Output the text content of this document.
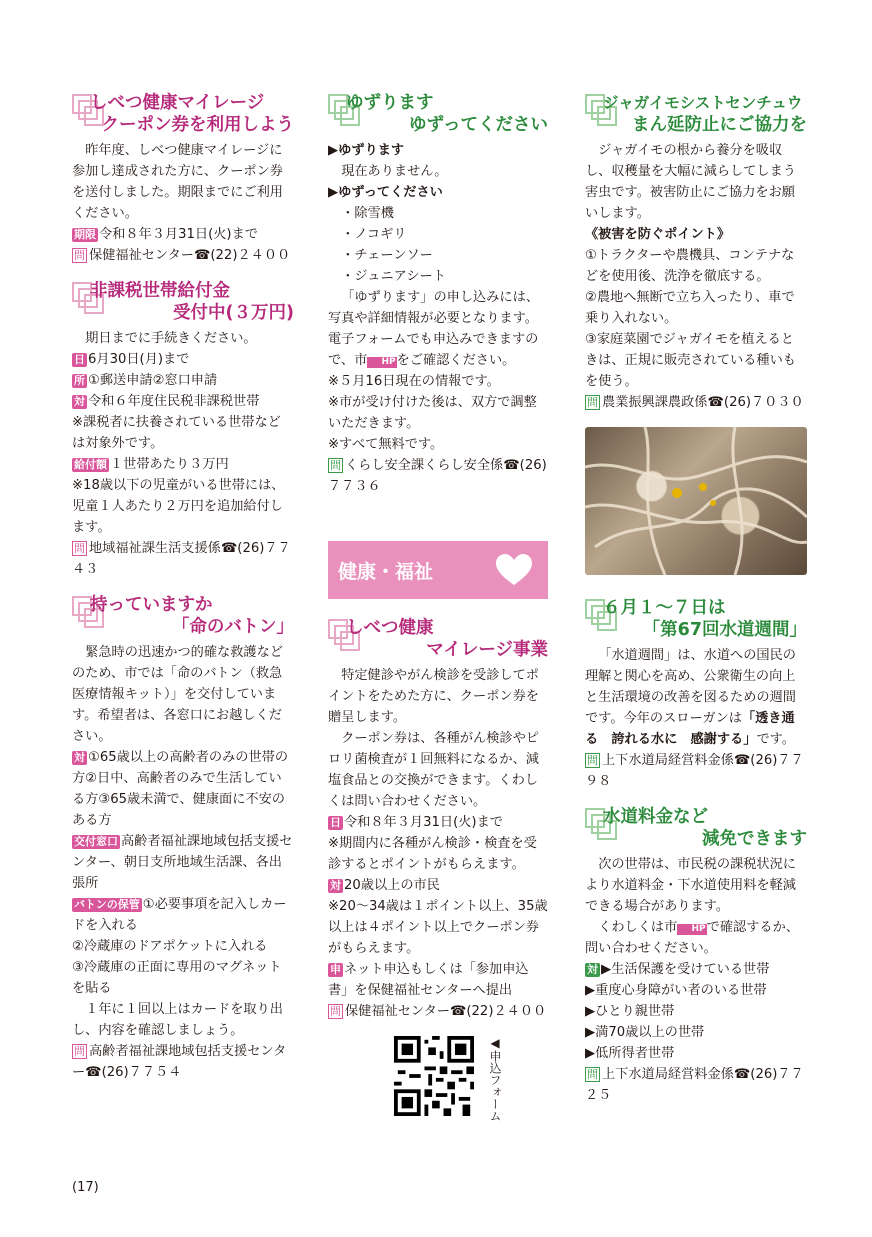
しべつ健康マイレージ
クーポン券を利用しよう

昨年度、しべつ健康マイレージに参加し達成された方に、クーポン券を送付しました。期限までにご利用ください。

期限 令和８年３月31日(火)まで

問 保健福祉センター☎(22)２４００

非課税世帯給付金
受付中(３万円)

期日までに手続きください。

日 6月30日(月)まで

所 ①郵送申請②窓口申請

対 令和６年度住民税非課税世帯

※課税者に扶養されている世帯などは対象外です。

給付額 １世帯あたり３万円

※18歳以下の児童がいる世帯には、児童１人あたり２万円を追加給付します。

問 地域福祉課生活支援係☎(26)７７４３

持っていますか
「命のバトン」

緊急時の迅速かつ的確な救護などのため、市では「命のバトン（救急医療情報キット）」を交付しています。希望者は、各窓口にお越しください。

対 ①65歳以上の高齢者のみの世帯の方②日中、高齢者のみで生活している方③65歳未満で、健康面に不安のある方

交付窓口 高齢者福祉課地域包括支援センター、朝日支所地域生活課、各出張所

バトンの保管 ①必要事項を記入しカードを入れる

②冷蔵庫のドアポケットに入れる

③冷蔵庫の正面に専用のマグネットを貼る

１年に１回以上はカードを取り出し、内容を確認しましょう。

問 高齢者福祉課地域包括支援センター☎(26)７７５４

ゆずります
ゆずってください

▶ゆずります

現在ありません。

▶ゆずってください

・除雪機

・ノコギリ

・チェーンソー

・ジュニアシート

「ゆずります」の申し込みには、写真や詳細情報が必要となります。電子フォームでも申込みできますので、市 HPをご確認ください。

※５月16日現在の情報です。

※市が受け付けた後は、双方で調整いただきます。

※すべて無料です。

問 くらし安全課くらし安全係☎(26)７７３６

健康・福祉
しべつ健康
マイレージ事業

特定健診やがん検診を受診してポイントをためた方に、クーポン券を贈呈します。

クーポン券は、各種がん検診やピロリ菌検査が１回無料になるか、減塩食品との交換ができます。くわしくは問い合わせください。

日 令和８年３月31日(火)まで

※期間内に各種がん検診・検査を受診するとポイントがもらえます。

対 20歳以上の市民

※20～34歳は１ポイント以上、35歳以上は４ポイント以上でクーポン券がもらえます。

申 ネット申込もしくは「参加申込書」を保健福祉センターへ提出

問 保健福祉センター☎(22)２４００

◀申込フォーム
ジャガイモシストセンチュウ
まん延防止にご協力を

ジャガイモの根から養分を吸収し、収穫量を大幅に減らしてしまう害虫です。被害防止にご協力をお願いします。

《被害を防ぐポイント》

①トラクターや農機具、コンテナなどを使用後、洗浄を徹底する。

②農地へ無断で立ち入ったり、車で乗り入れない。

③家庭菜園でジャガイモを植えるときは、正規に販売されている種いもを使う。

問 農業振興課農政係☎(26)７０３０

６月１～７日は
「第67回水道週間」

「水道週間」は、水道への国民の理解と関心を高め、公衆衛生の向上と生活環境の改善を図るための週間です。今年のスローガンは「透き通る　誇れる水に　感謝する」です。

問 上下水道局経営料金係☎(26)７７９８

水道料金など
減免できます

次の世帯は、市民税の課税状況により水道料金・下水道使用料を軽減できる場合があります。

くわしくは市 HPで確認するか、問い合わせください。

対 ▶生活保護を受けている世帯

▶重度心身障がい者のいる世帯

▶ひとり親世帯

▶満70歳以上の世帯

▶低所得者世帯

問 上下水道局経営料金係☎(26)７７２５

(17)
